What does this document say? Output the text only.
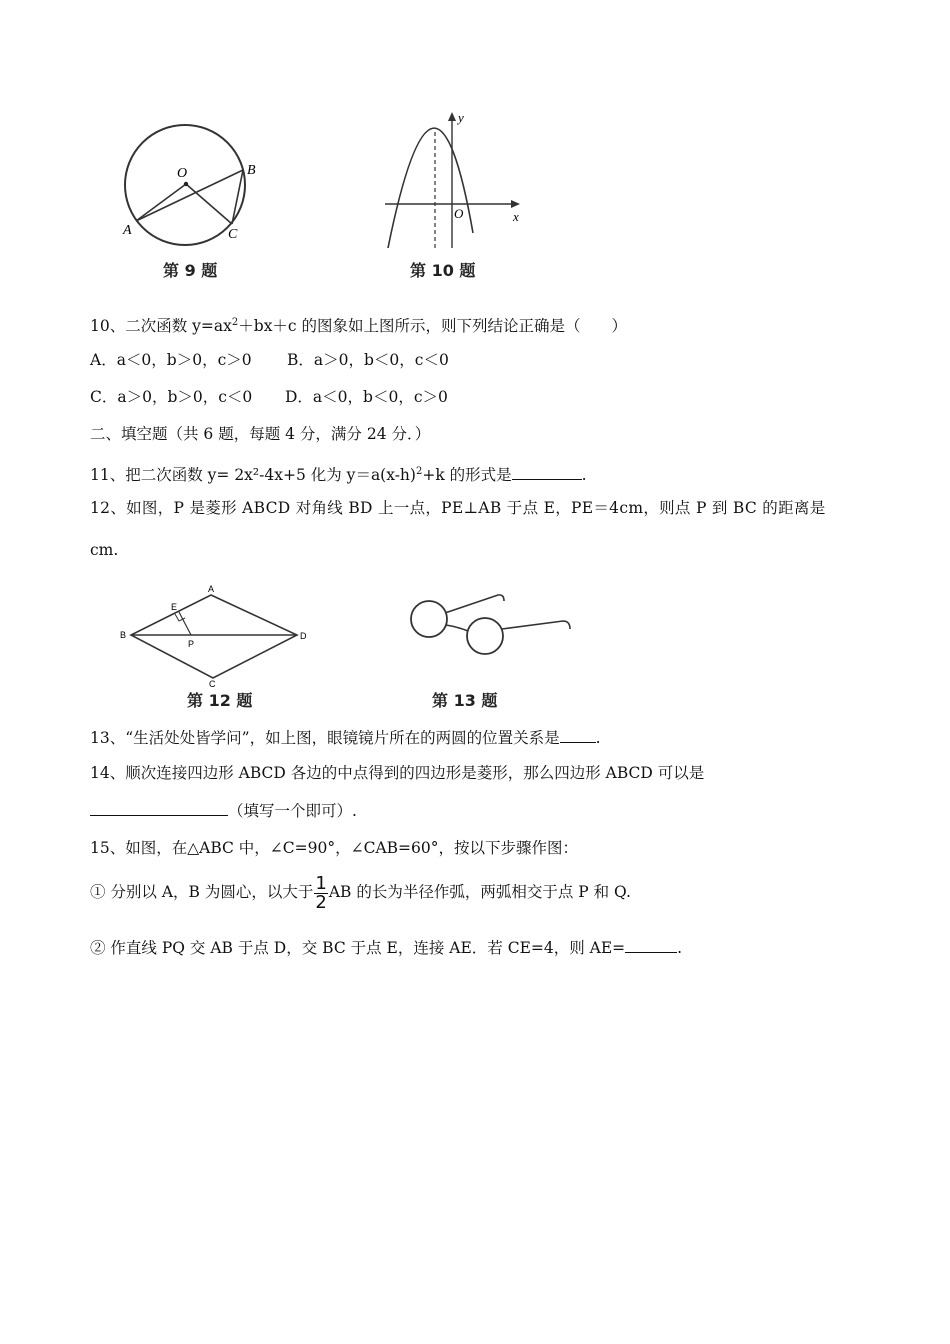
O	B
A	C
第 9 题
y
x
O
第 10 题
10、二次函数 $y=ax^2+bx+c$ 的图象如上图所示，则下列结论正确是（　　）
A．a＜0，b＞0，c＞0 B．a＞0，b＜0，c＜0
C．a＞0，b＞0，c＜0 D．a＜0，b＜0，c＞0
二、填空题（共 6 题，每题 4 分，满分 24 分．）
11、把二次函数 y= 2x²-4x+5 化为 $y=a(x-h)^2+k$ 的形式是	.
12、如图，P 是菱形 ABCD 对角线 BD 上一点，PE⊥AB 于点 E，PE＝4cm，则点 P 到 BC 的距离是
cm.
A
B	D
C
E
P
第 12 题	第 13 题
13、“生活处处皆学问”，如上图，眼镜镜片所在的两圆的位置关系是 .
14、顺次连接四边形 ABCD 各边的中点得到的四边形是菱形，那么四边形 ABCD 可以是
（填写一个即可）.
15、如图，在△ABC 中，∠C=90°，∠CAB=60°，按以下步骤作图：
① 分别以 A，B 为圆心，以大于 $\frac{1}{2}$ AB 的长为半径作弧，两弧相交于点 P 和 Q.
② 作直线 PQ 交 AB 于点 D，交 BC 于点 E，连接 AE．若 CE=4，则 AE=	.
